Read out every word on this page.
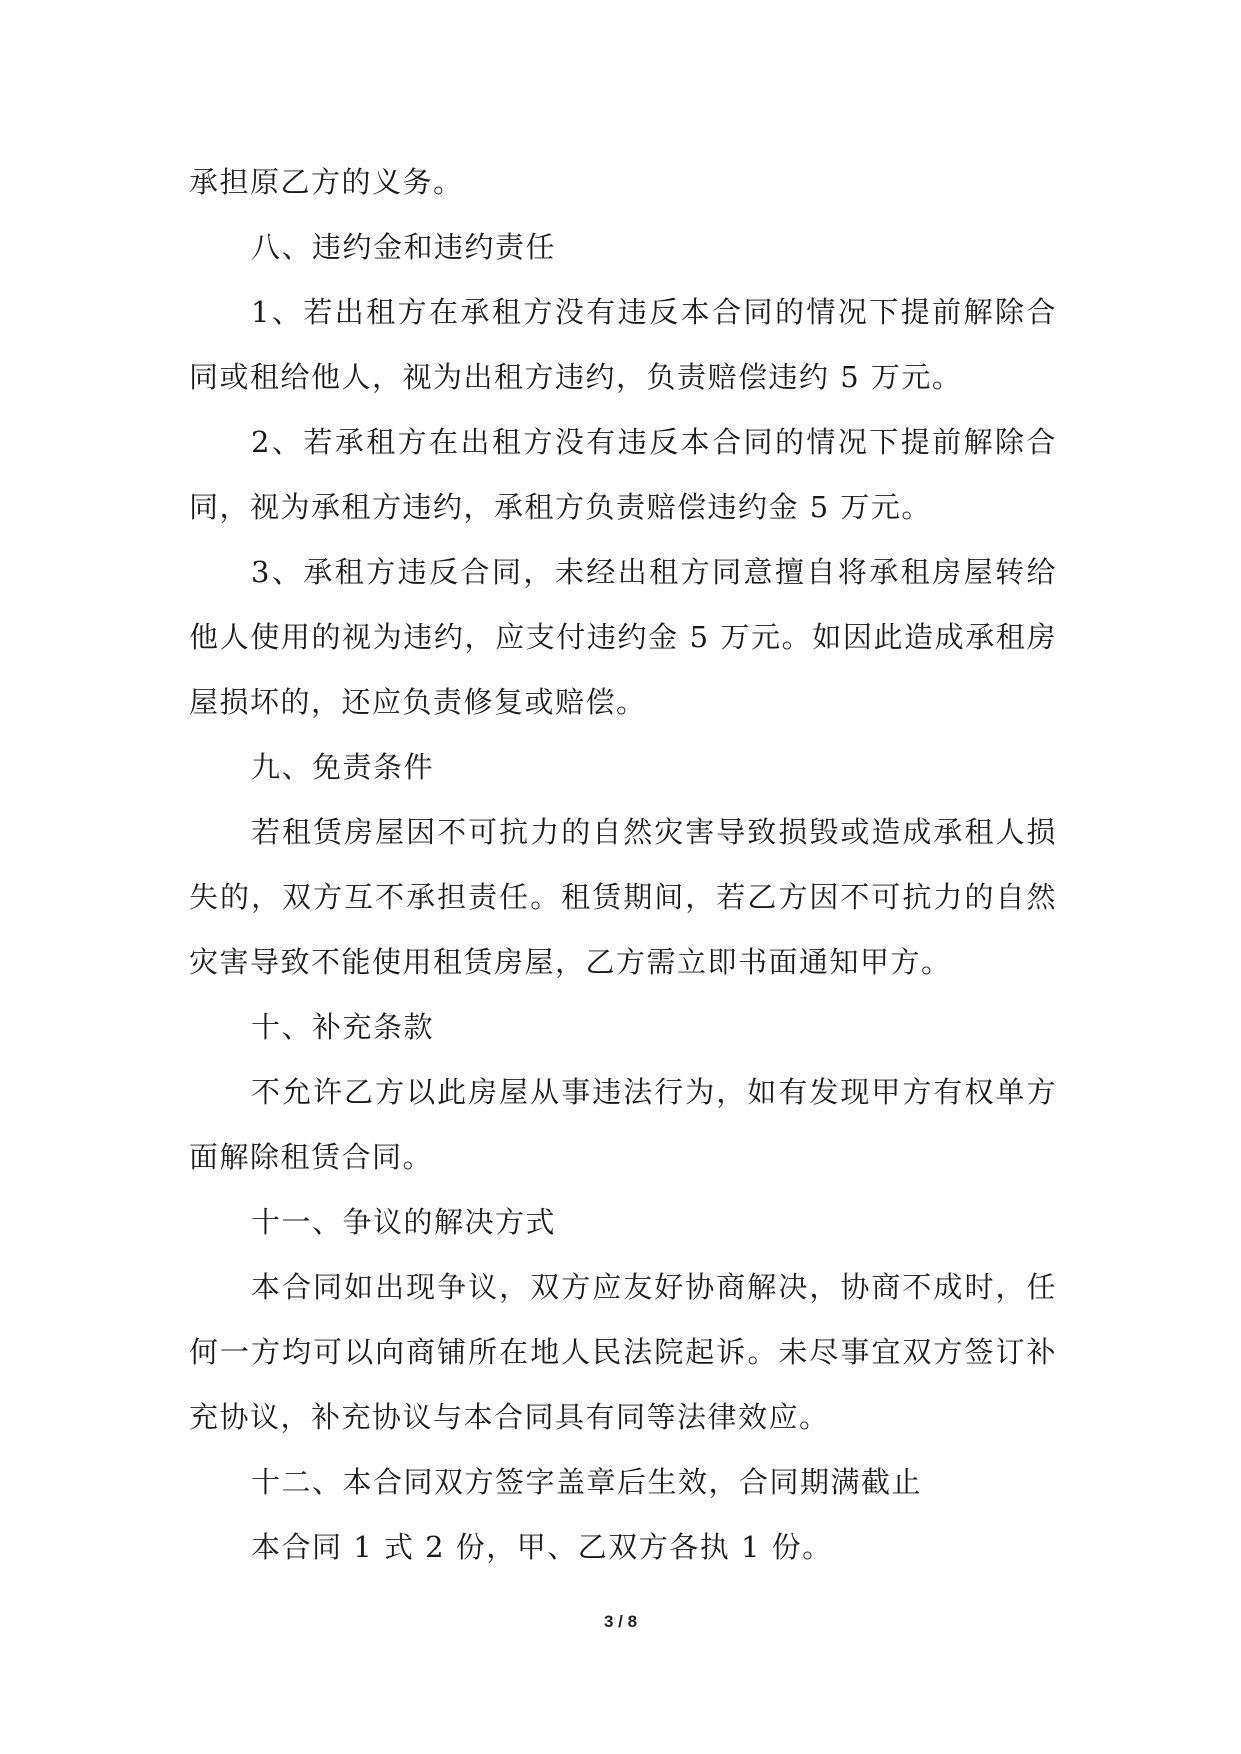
承担原乙方的义务。

八、违约金和违约责任

1、若出租方在承租方没有违反本合同的情况下提前解除合同或租给他人，视为出租方违约，负责赔偿违约 5 万元。

2、若承租方在出租方没有违反本合同的情况下提前解除合同，视为承租方违约，承租方负责赔偿违约金 5 万元。

3、承租方违反合同，未经出租方同意擅自将承租房屋转给他人使用的视为违约，应支付违约金 5 万元。如因此造成承租房屋损坏的，还应负责修复或赔偿。

九、免责条件

若租赁房屋因不可抗力的自然灾害导致损毁或造成承租人损失的，双方互不承担责任。租赁期间，若乙方因不可抗力的自然灾害导致不能使用租赁房屋，乙方需立即书面通知甲方。

十、补充条款

不允许乙方以此房屋从事违法行为，如有发现甲方有权单方面解除租赁合同。

十一、争议的解决方式

本合同如出现争议，双方应友好协商解决，协商不成时，任何一方均可以向商铺所在地人民法院起诉。未尽事宜双方签订补充协议，补充协议与本合同具有同等法律效应。

十二、本合同双方签字盖章后生效，合同期满截止

本合同 1 式 2 份，甲、乙双方各执 1 份。

3 / 8
